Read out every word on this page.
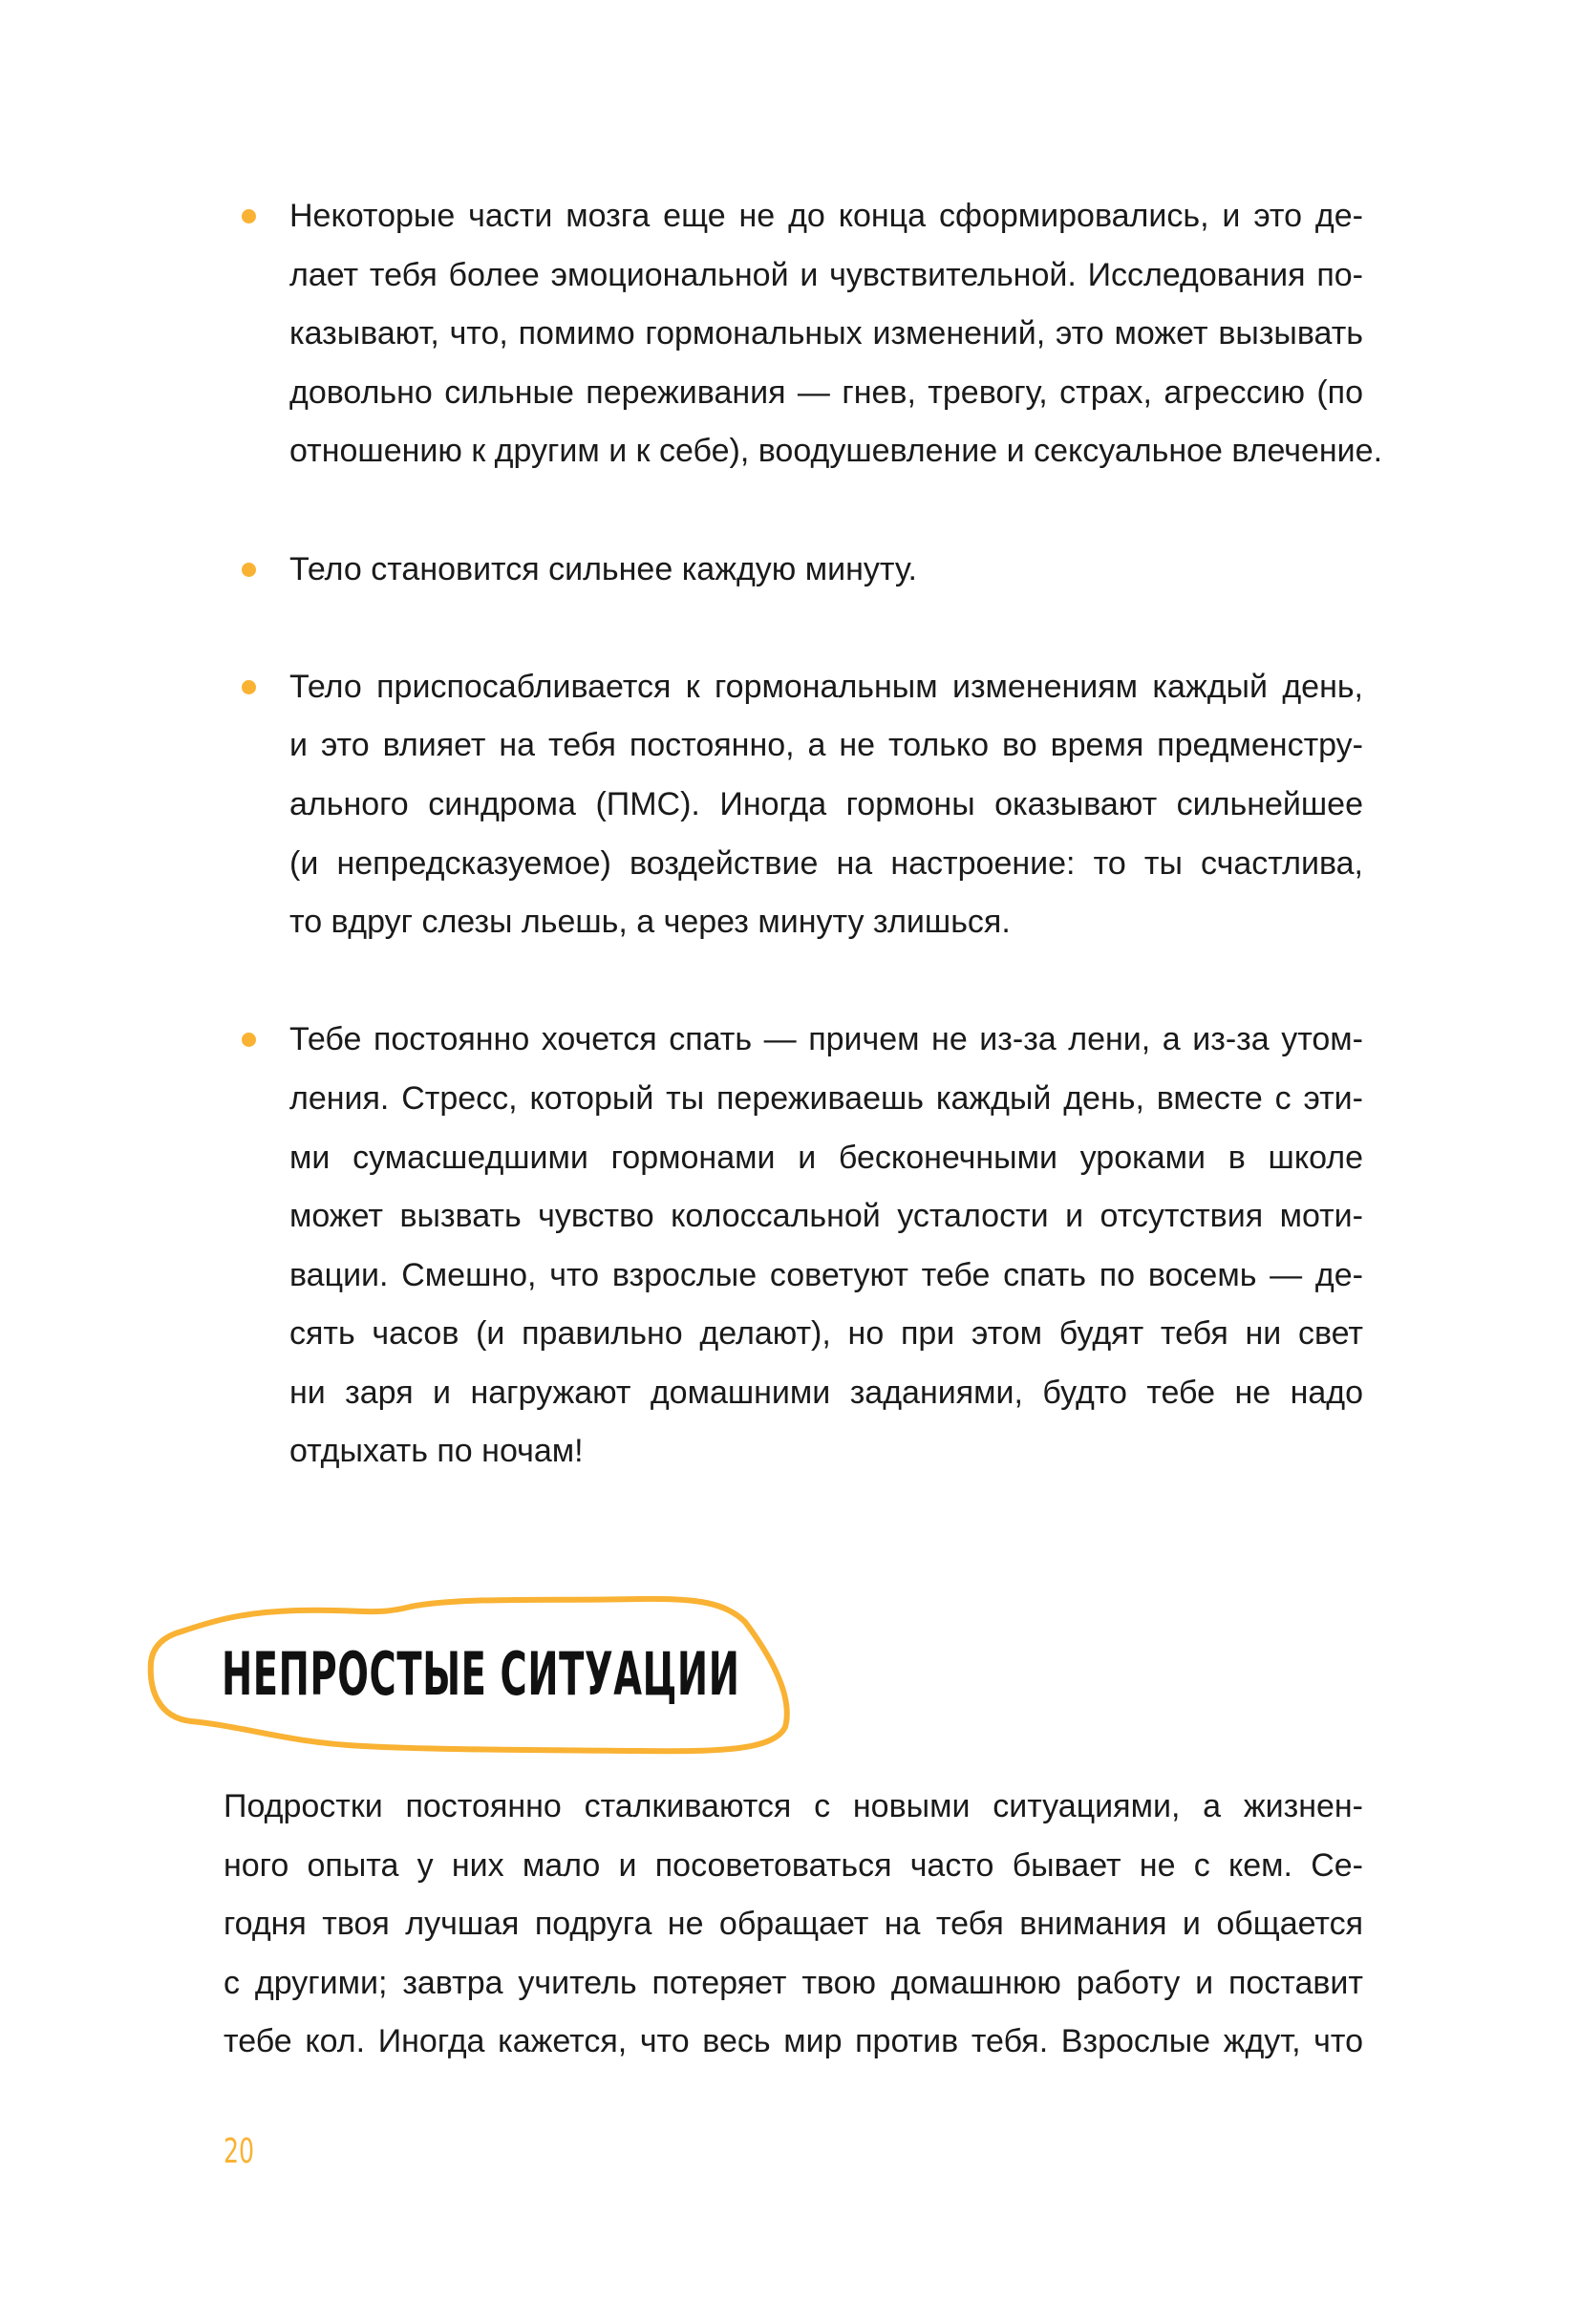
Некоторые части мозга еще не до конца сформировались, и это де-
лает тебя более эмоциональной и чувствительной. Исследования по-
казывают, что, помимо гормональных изменений, это может вызывать
довольно сильные переживания — гнев, тревогу, страх, агрессию (по
отношению к другим и к себе), воодушевление и сексуальное влечение.
Тело становится сильнее каждую минуту.
Тело приспосабливается к гормональным изменениям каждый день,
и это влияет на тебя постоянно, а не только во время предменстру-
ального синдрома (ПМС). Иногда гормоны оказывают сильнейшее
(и непредсказуемое) воздействие на настроение: то ты счастлива,
то вдруг слезы льешь, а через минуту злишься.
Тебе постоянно хочется спать — причем не из-за лени, а из-за утом-
ления. Стресс, который ты переживаешь каждый день, вместе с эти-
ми сумасшедшими гормонами и бесконечными уроками в школе
может вызвать чувство колоссальной усталости и отсутствия моти-
вации. Смешно, что взрослые советуют тебе спать по восемь — де-
сять часов (и правильно делают), но при этом будят тебя ни свет
ни заря и нагружают домашними заданиями, будто тебе не надо
отдыхать по ночам!
НЕПРОСТЫЕ СИТУАЦИИ
Подростки постоянно сталкиваются с новыми ситуациями, а жизнен-
ного опыта у них мало и посоветоваться часто бывает не с кем. Се-
годня твоя лучшая подруга не обращает на тебя внимания и общается
с другими; завтра учитель потеряет твою домашнюю работу и поставит
тебе кол. Иногда кажется, что весь мир против тебя. Взрослые ждут, что
20
